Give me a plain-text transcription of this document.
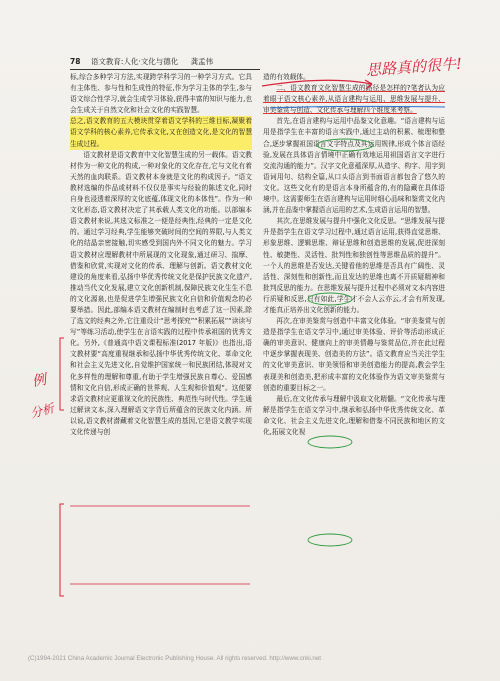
78 语文教育:人化·文化与德化 龚孟伟

标,综合多种学习方法,实现跨学科学习的一种学习方式。它具有主体性、参与性和生成性的特征,作为学习主体的学生,参与语文综合性学习,就会生成学习体验,获得丰富的知识与能力,也会生成关于自然文化和社会文化的实践智慧。

总之,语文教育的五大模块贯穿着语文学科的三维目标,凝聚着语文学科的核心素养,它传承文化,又在创造文化,是文化的智慧生成过程。

语文教材是语文教育中文化智慧生成的另一载体。语文教材作为一种文化的构成,一种对象化的文化存在,它与文化有着天然的血肉联系。语文教材本身就是文化的构成因子。“语文教材选编的作品或材料不仅仅是事实与经验的陈述文化,同时自身也浸透着深厚的文化底蕴,体现文化的本体性”。作为一种文化形态,语文教材决定了其承载人类文化的功能。以部编本语文教材来说,其选文标准之一便是经典性,经典的一定是文化的。通过学习经典,学生能够突破时间的空间的界限,与人类文化的结晶亲密接触,切实感受到国内外不同文化的魅力。学习语文教材应理解教材中所展现的文化现象,通过研习、揣摩、借鉴和欣赏,实现对文化的传承、理解与创新。语文教材文化建设的角度来看,弘扬中华优秀传统文化是保护民族文化遗产,推动当代文化发展,建立文化创新机制,保障民族文化生生不息的文化源泉,也是促进学生增强民族文化自信和价值观念的必要举措。因此,部编本语文教材在编制时也考虑了这一因素,除了选文的经典之外,它注重设计“思考探究”“积累拓展”“读读写写”等练习活动,使学生在言语实践的过程中传承祖国的优秀文化。另外,《普通高中语文课程标准(2017 年版)》也指出,语文教材要“高度重视继承和弘扬中华优秀传统文化、革命文化和社会主义先进文化,自觉维护国家统一和民族团结,体现对文化多样性的理解和尊重,有助于学生增强民族自尊心、爱国感情和文化自信,形成正确的世界观、人生观和价值观”。这便要求语文教材应更重视文化的民族性、典范性与时代性。学生通过解读文本,深入理解语文字背后所蕴含的民族文化内涵。所以说,语文教材潜藏着文化智慧生成的基因,它是语文教学实现文化传递与创

造的有效载体。

二、语文教育文化智慧生成的路径是怎样的?笔者认为应着眼于语文核心素养,从语言建构与运用、思维发展与提升、审美鉴赏与创造、文化传承与理解四个维度来考察。

首先,在语言建构与运用中品鉴文化意趣。“语言建构与运用是指学生在丰富的语言实践中,通过主动的积累、梳理和整合,逐步掌握祖国语言文字特点及其运用规律,形成个体言语经验,发展在具体语言情境中正确有效地运用祖国语言文字进行交流沟通的能力”。汉字文化意蕴深厚,从造字、构字、用字到语词用句、结构全篇,从口头语言到书面语言都包含了悠久的文化。这些文化有的是语言本身所蕴含的,有的隐藏在具体语境中。这需要师生在语言建构与运用时细心品味和鉴赏文化内涵,并在品鉴中掌握语言运用的艺术,生成语言运用的智慧。

其次,在思维发展与提升中强化文化反思。“思维发展与提升是指学生在语文学习过程中,通过语言运用,获得直觉思维、形象思维、逻辑思维、辩证思维和创造思维的发展,促进深刻性、敏捷性、灵活性、批判性和独创性等思维品质的提升”。一个人的思维是否发达,关键看他的思维是否具有广阔性、灵活性、深刻性和创新性,而且发达的思维也离不开质疑精神和批判反思的能力。在思维发展与提升过程中必须对文本内容进行质疑和反思,只有如此,学生才不会人云亦云,才会有所发现,才能真正培养出文化创新的能力。

再次,在审美鉴赏与创造中丰富文化体验。“审美鉴赏与创造是指学生在语文学习中,通过审美体验、评价等活动形成正确的审美意识、健康向上的审美情趣与鉴赏品位,并在此过程中逐步掌握表现美、创造美的方法”。语文教育应当关注学生的文化审美意识、审美领悟和审美创造能力的提高,教会学生表现美和创造美,把形成丰富的文化体验作为语文审美鉴赏与创造的重要目标之一。

最后,在文化传承与理解中汲取文化精髓。“文化传承与理解是指学生在语文学习中,继承和弘扬中华优秀传统文化、革命文化、社会主义先进文化,理解和借鉴不同民族和地区的文化,拓展文化视

思路真的很牛!
例
分析
(C)1994-2021 China Academic Journal Electronic Publishing House. All rights reserved. http://www.cnki.net
